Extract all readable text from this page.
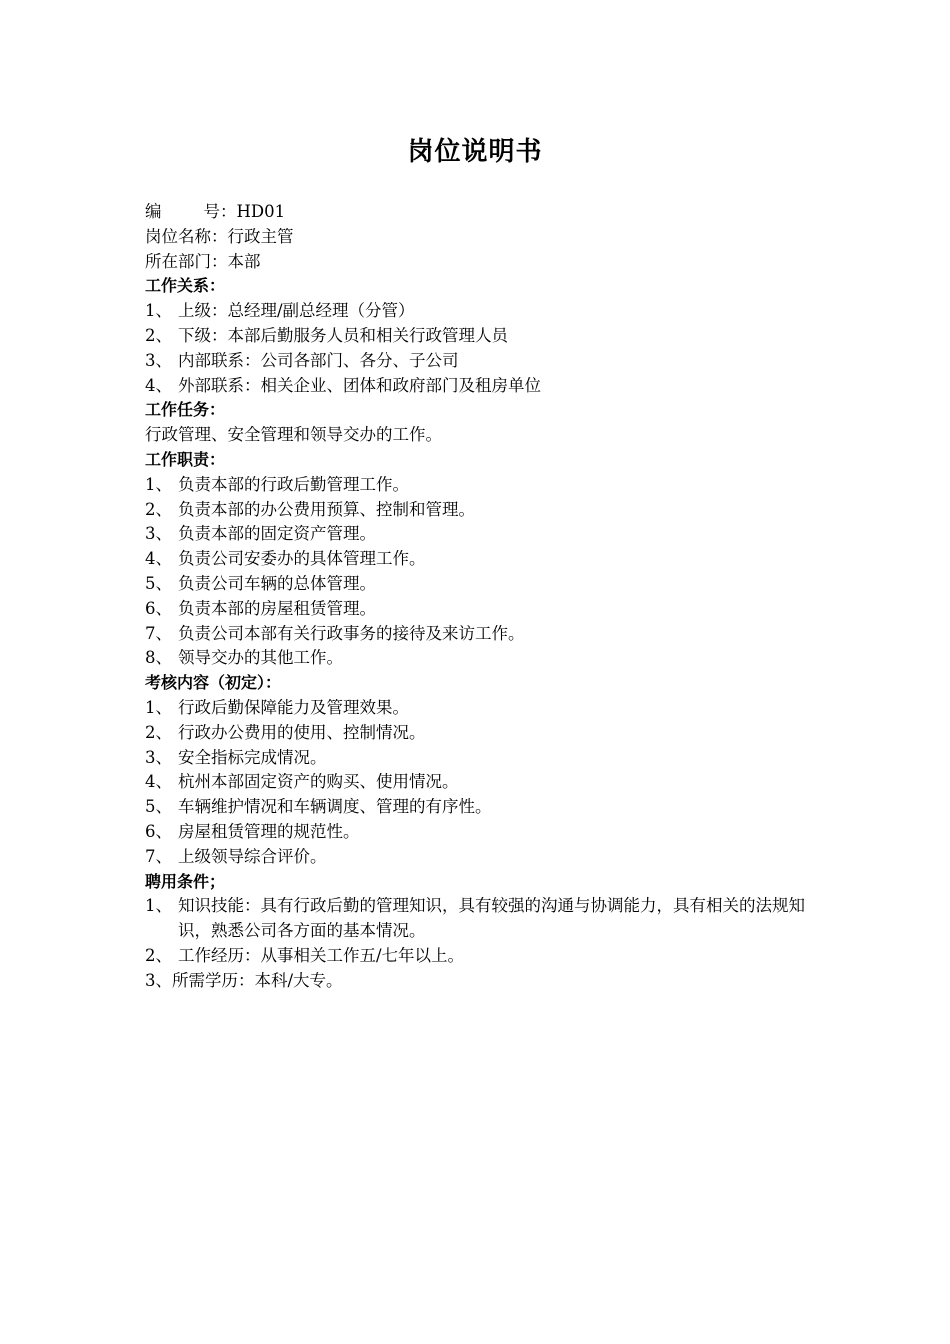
岗位说明书
编	号：HD01
岗位名称：行政主管
所在部门：本部
工作关系：
1、 上级：总经理/副总经理（分管）
2、 下级：本部后勤服务人员和相关行政管理人员
3、 内部联系：公司各部门、各分、子公司
4、 外部联系：相关企业、团体和政府部门及租房单位
工作任务：
行政管理、安全管理和领导交办的工作。
工作职责：
1、 负责本部的行政后勤管理工作。
2、 负责本部的办公费用预算、控制和管理。
3、 负责本部的固定资产管理。
4、 负责公司安委办的具体管理工作。
5、 负责公司车辆的总体管理。
6、 负责本部的房屋租赁管理。
7、 负责公司本部有关行政事务的接待及来访工作。
8、 领导交办的其他工作。
考核内容（初定）：
1、 行政后勤保障能力及管理效果。
2、 行政办公费用的使用、控制情况。
3、 安全指标完成情况。
4、 杭州本部固定资产的购买、使用情况。
5、 车辆维护情况和车辆调度、管理的有序性。
6、 房屋租赁管理的规范性。
7、 上级领导综合评价。
聘用条件；
1、 知识技能：具有行政后勤的管理知识，具有较强的沟通与协调能力，具有相关的法规知识，熟悉公司各方面的基本情况。
2、 工作经历：从事相关工作五/七年以上。
3、所需学历：本科/大专。
